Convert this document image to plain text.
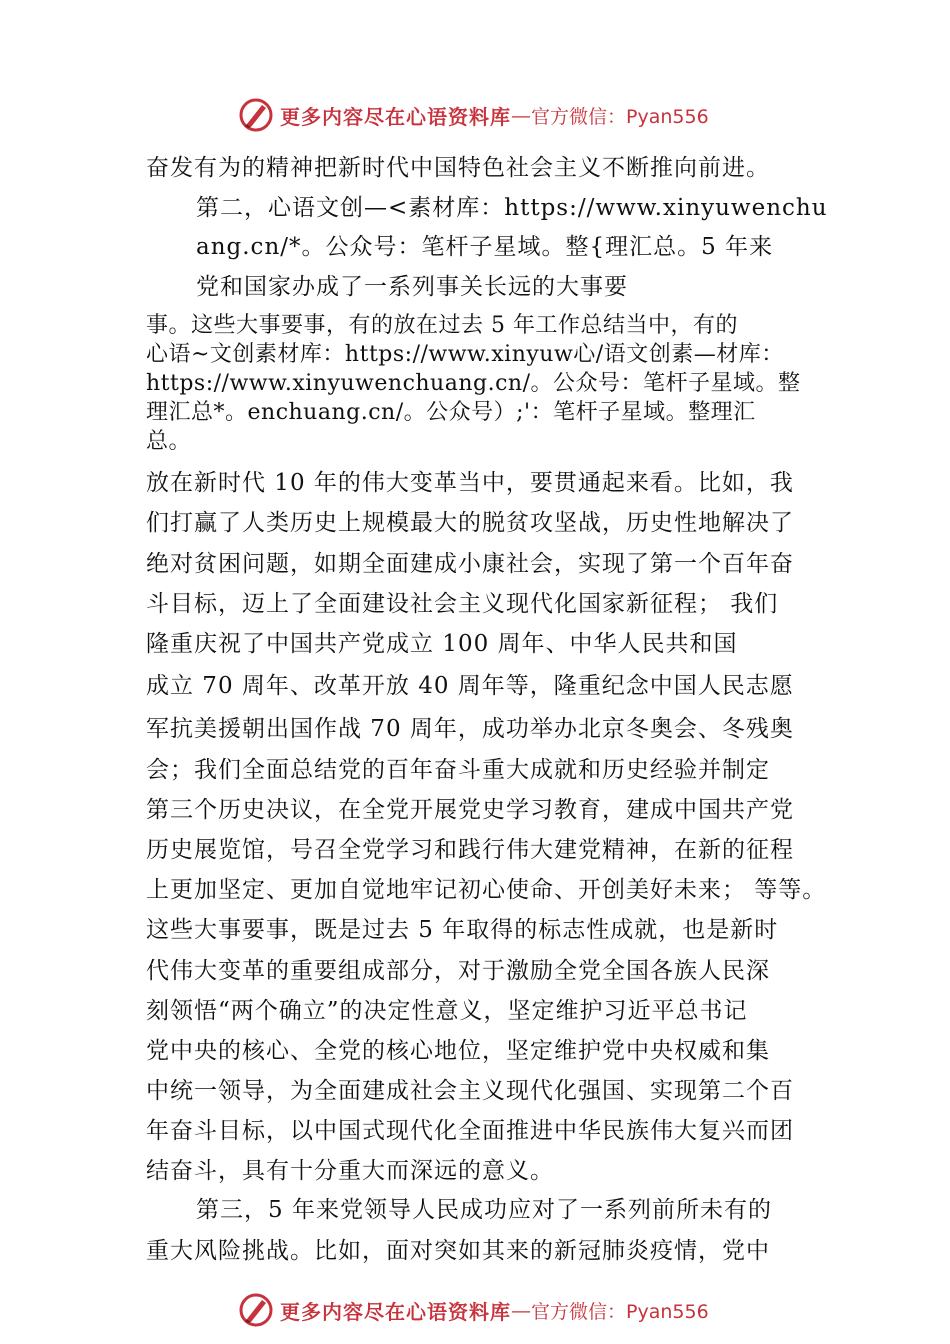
更多内容尽在心语资料库 — 官方微信：Pyan556
奋发有为的精神把新时代中国特色社会主义不断推向前进。
第二，心语文创—<素材库：https://www.xinyuwenchu
ang.cn/*。公众号：笔杆子星域。整{理汇总。5 年来
党和国家办成了一系列事关长远的大事要
事。这些大事要事，有的放在过去 5 年工作总结当中，有的
心语~文创素材库：https://www.xinyuw心/语文创素—材库：
https://www.xinyuwenchuang.cn/。公众号：笔杆子星域。整
理汇总*。enchuang.cn/。公众号）;'：笔杆子星域。整理汇
总。
放在新时代 10 年的伟大变革当中，要贯通起来看。比如，我
们打赢了人类历史上规模最大的脱贫攻坚战，历史性地解决了
绝对贫困问题，如期全面建成小康社会，实现了第一个百年奋
斗目标，迈上了全面建设社会主义现代化国家新征程； 我们
隆重庆祝了中国共产党成立 100 周年、中华人民共和国
成立 70 周年、改革开放 40 周年等，隆重纪念中国人民志愿
军抗美援朝出国作战 70 周年，成功举办北京冬奥会、冬残奥
会；我们全面总结党的百年奋斗重大成就和历史经验并制定
第三个历史决议，在全党开展党史学习教育，建成中国共产党
历史展览馆，号召全党学习和践行伟大建党精神，在新的征程
上更加坚定、更加自觉地牢记初心使命、开创美好未来； 等等。
这些大事要事，既是过去 5 年取得的标志性成就，也是新时
代伟大变革的重要组成部分，对于激励全党全国各族人民深
刻领悟“两个确立”的决定性意义，坚定维护习近平总书记
党中央的核心、全党的核心地位，坚定维护党中央权威和集
中统一领导，为全面建成社会主义现代化强国、实现第二个百
年奋斗目标，以中国式现代化全面推进中华民族伟大复兴而团
结奋斗，具有十分重大而深远的意义。
第三，5 年来党领导人民成功应对了一系列前所未有的
重大风险挑战。比如，面对突如其来的新冠肺炎疫情，党中
更多内容尽在心语资料库 — 官方微信：Pyan556
